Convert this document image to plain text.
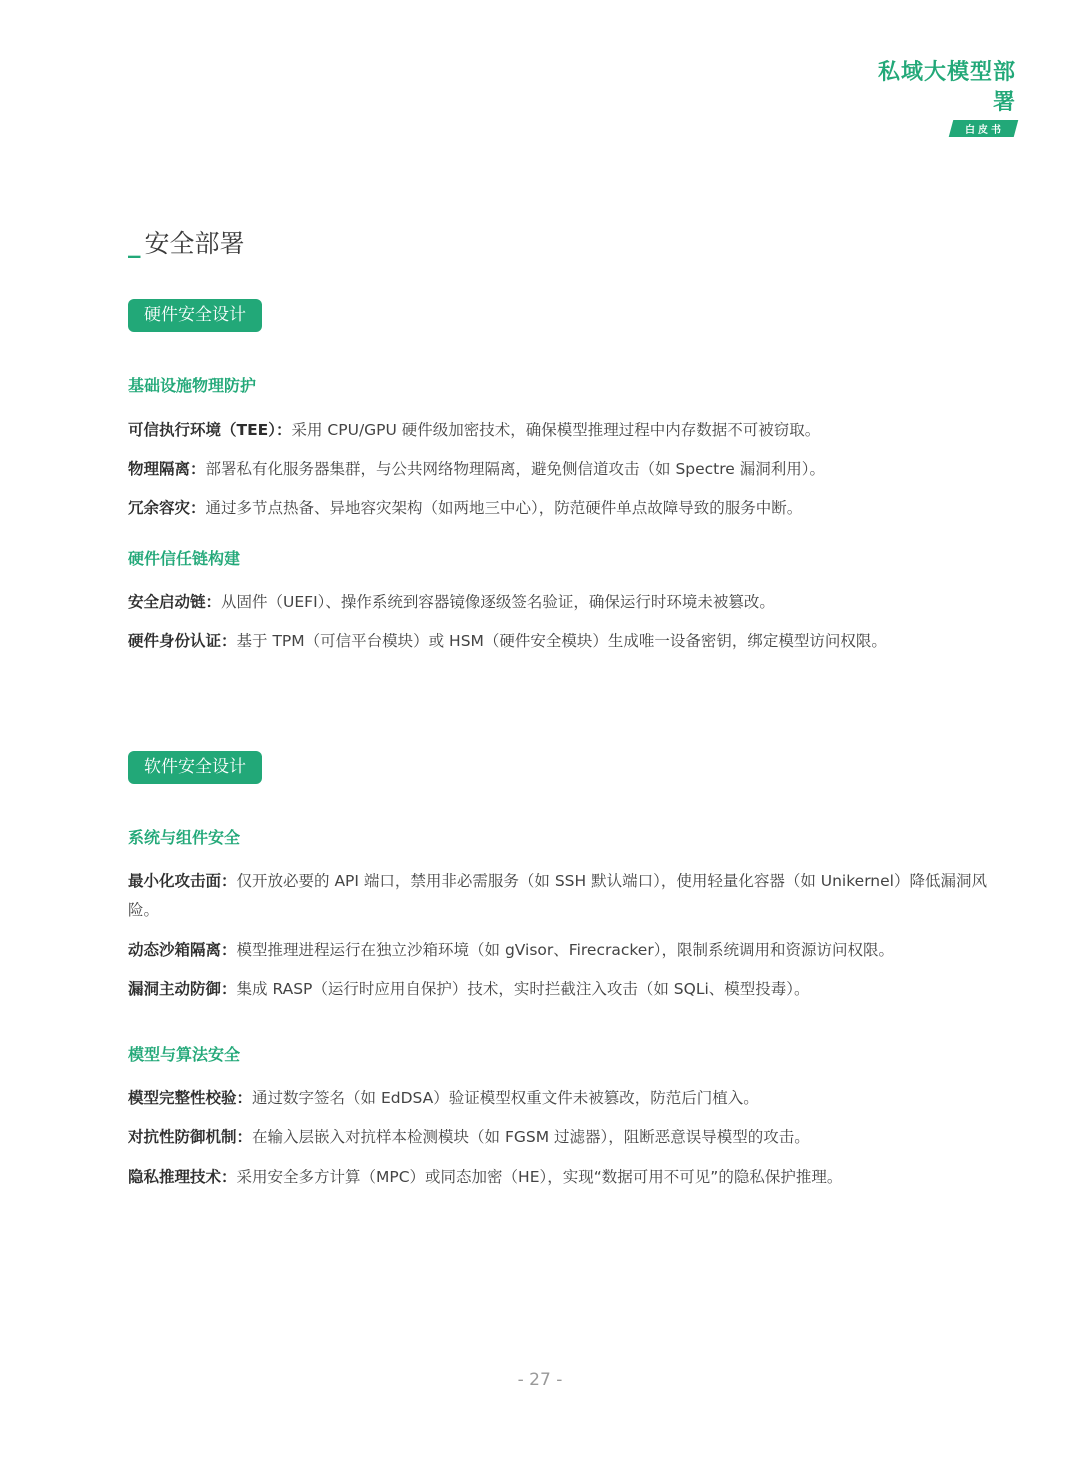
私域大模型部署
白皮书
_ 安全部署
硬件安全设计
基础设施物理防护
可信执行环境（TEE）：采用 CPU/GPU 硬件级加密技术，确保模型推理过程中内存数据不可被窃取。
物理隔离：部署私有化服务器集群，与公共网络物理隔离，避免侧信道攻击（如 Spectre 漏洞利用）。
冗余容灾：通过多节点热备、异地容灾架构（如两地三中心），防范硬件单点故障导致的服务中断。
硬件信任链构建
安全启动链：从固件（UEFI）、操作系统到容器镜像逐级签名验证，确保运行时环境未被篡改。
硬件身份认证：基于 TPM（可信平台模块）或 HSM（硬件安全模块）生成唯一设备密钥，绑定模型访问权限。
软件安全设计
系统与组件安全
最小化攻击面：仅开放必要的 API 端口，禁用非必需服务（如 SSH 默认端口），使用轻量化容器（如 Unikernel）降低漏洞风险。
动态沙箱隔离：模型推理进程运行在独立沙箱环境（如 gVisor、Firecracker），限制系统调用和资源访问权限。
漏洞主动防御：集成 RASP（运行时应用自保护）技术，实时拦截注入攻击（如 SQLi、模型投毒）。
模型与算法安全
模型完整性校验：通过数字签名（如 EdDSA）验证模型权重文件未被篡改，防范后门植入。
对抗性防御机制：在输入层嵌入对抗样本检测模块（如 FGSM 过滤器），阻断恶意误导模型的攻击。
隐私推理技术：采用安全多方计算（MPC）或同态加密（HE），实现“数据可用不可见”的隐私保护推理。
- 27 -
